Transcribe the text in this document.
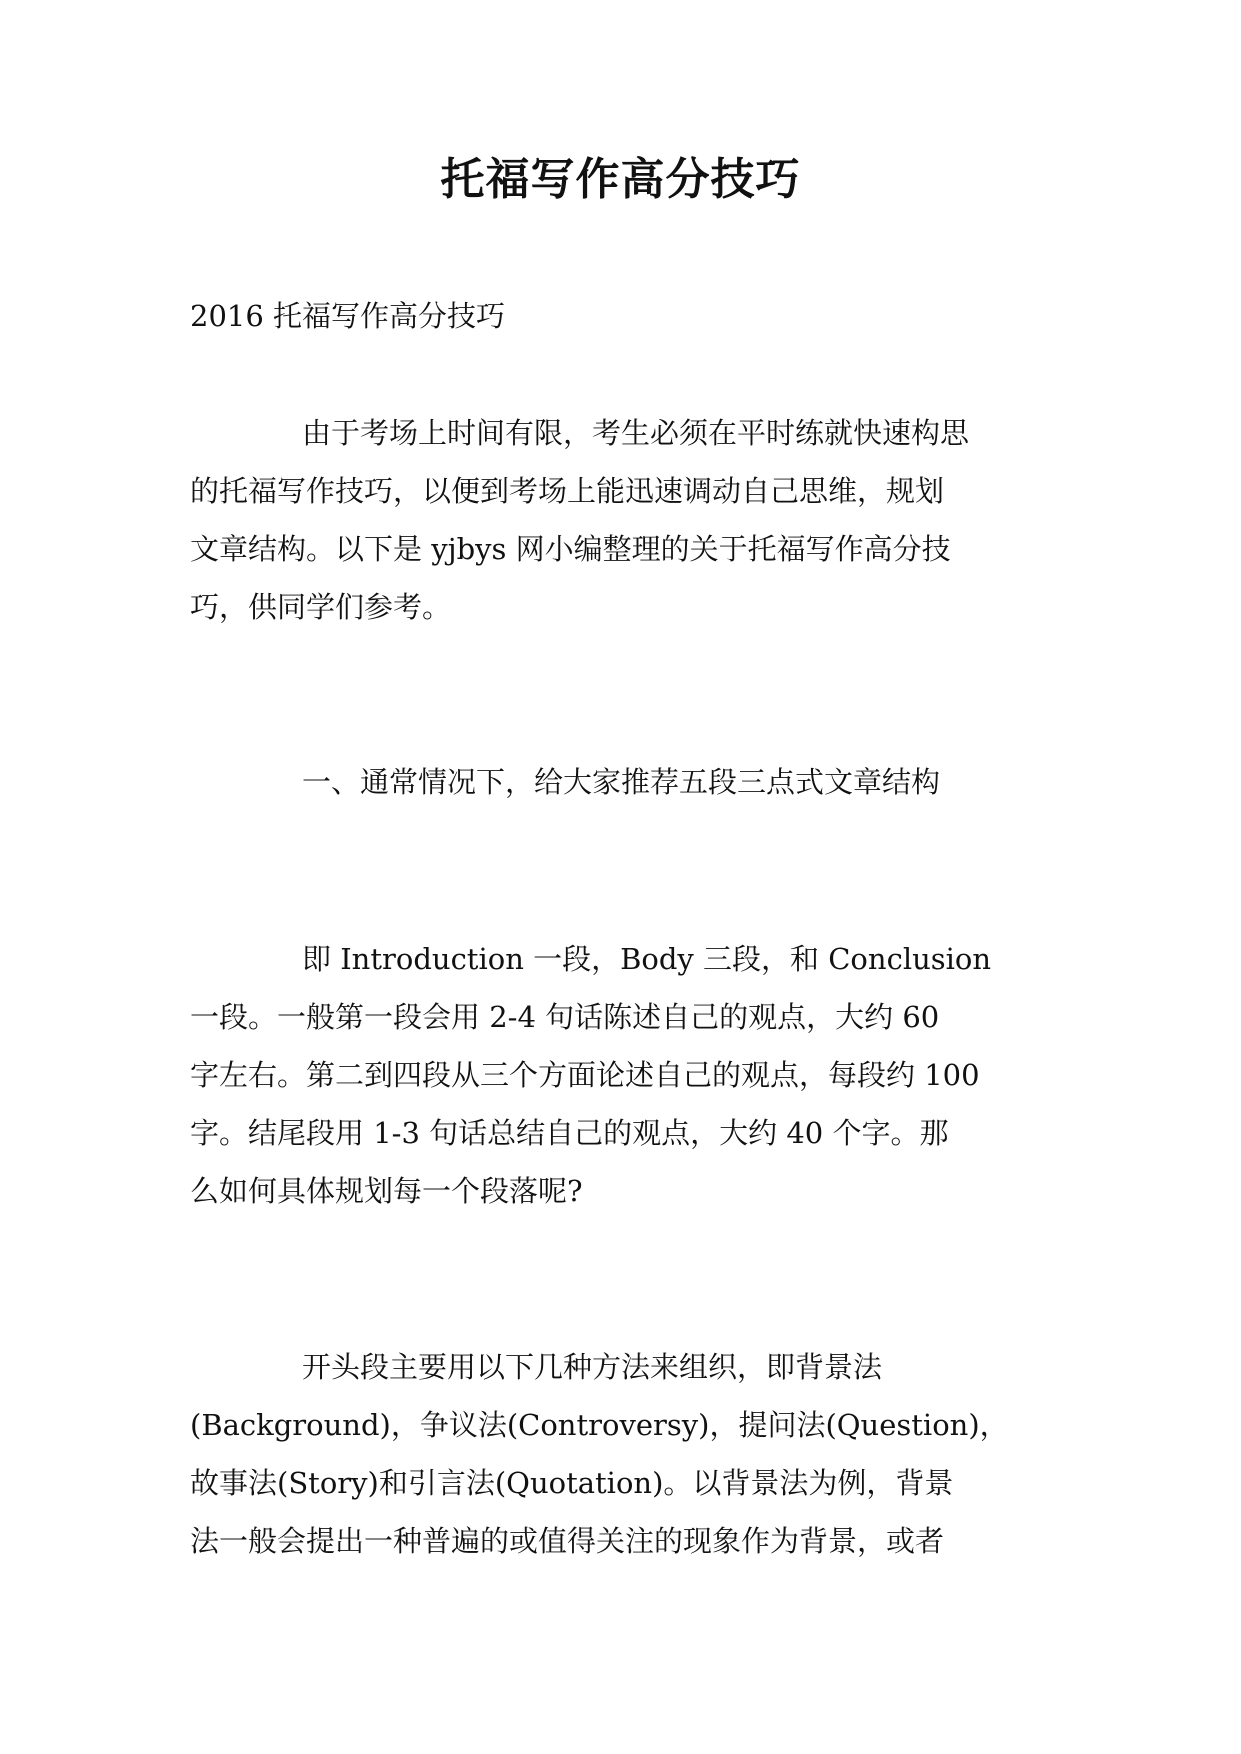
托福写作高分技巧

2016 托福写作高分技巧

由于考场上时间有限，考生必须在平时练就快速构思
的托福写作技巧，以便到考场上能迅速调动自己思维，规划
文章结构。以下是 yjbys 网小编整理的关于托福写作高分技
巧，供同学们参考。

一、通常情况下，给大家推荐五段三点式文章结构

即 Introduction 一段，Body 三段，和 Conclusion
一段。一般第一段会用 2-4 句话陈述自己的观点，大约 60
字左右。第二到四段从三个方面论述自己的观点，每段约 100
字。结尾段用 1-3 句话总结自己的观点，大约 40 个字。那
么如何具体规划每一个段落呢?

开头段主要用以下几种方法来组织，即背景法
(Background)，争议法(Controversy)，提问法(Question)，
故事法(Story)和引言法(Quotation)。以背景法为例，背景
法一般会提出一种普遍的或值得关注的现象作为背景，或者
